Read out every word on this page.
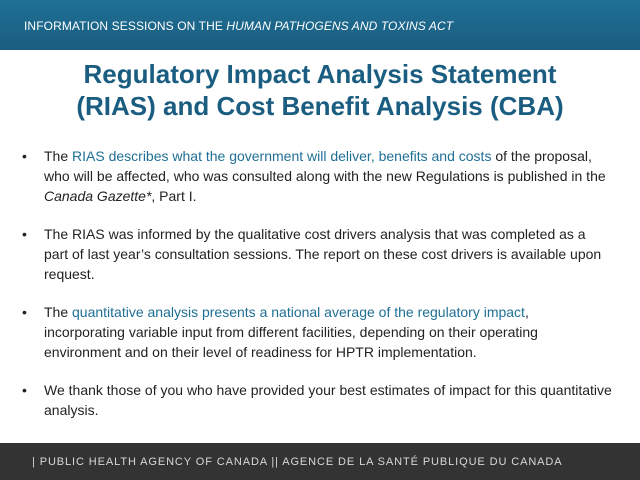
INFORMATION SESSIONS ON THE HUMAN PATHOGENS AND TOXINS ACT
Regulatory Impact Analysis Statement
(RIAS) and Cost Benefit Analysis (CBA)
• The RIAS describes what the government will deliver, benefits and costs of the proposal, who will be affected, who was consulted along with the new Regulations is published in the Canada Gazette*, Part I.
• The RIAS was informed by the qualitative cost drivers analysis that was completed as a part of last year’s consultation sessions. The report on these cost drivers is available upon request.
• The quantitative analysis presents a national average of the regulatory impact, incorporating variable input from different facilities, depending on their operating environment and on their level of readiness for HPTR implementation.
• We thank those of you who have provided your best estimates of impact for this quantitative analysis.
| PUBLIC HEALTH AGENCY OF CANADA || AGENCE DE LA SANTÉ PUBLIQUE DU CANADA
